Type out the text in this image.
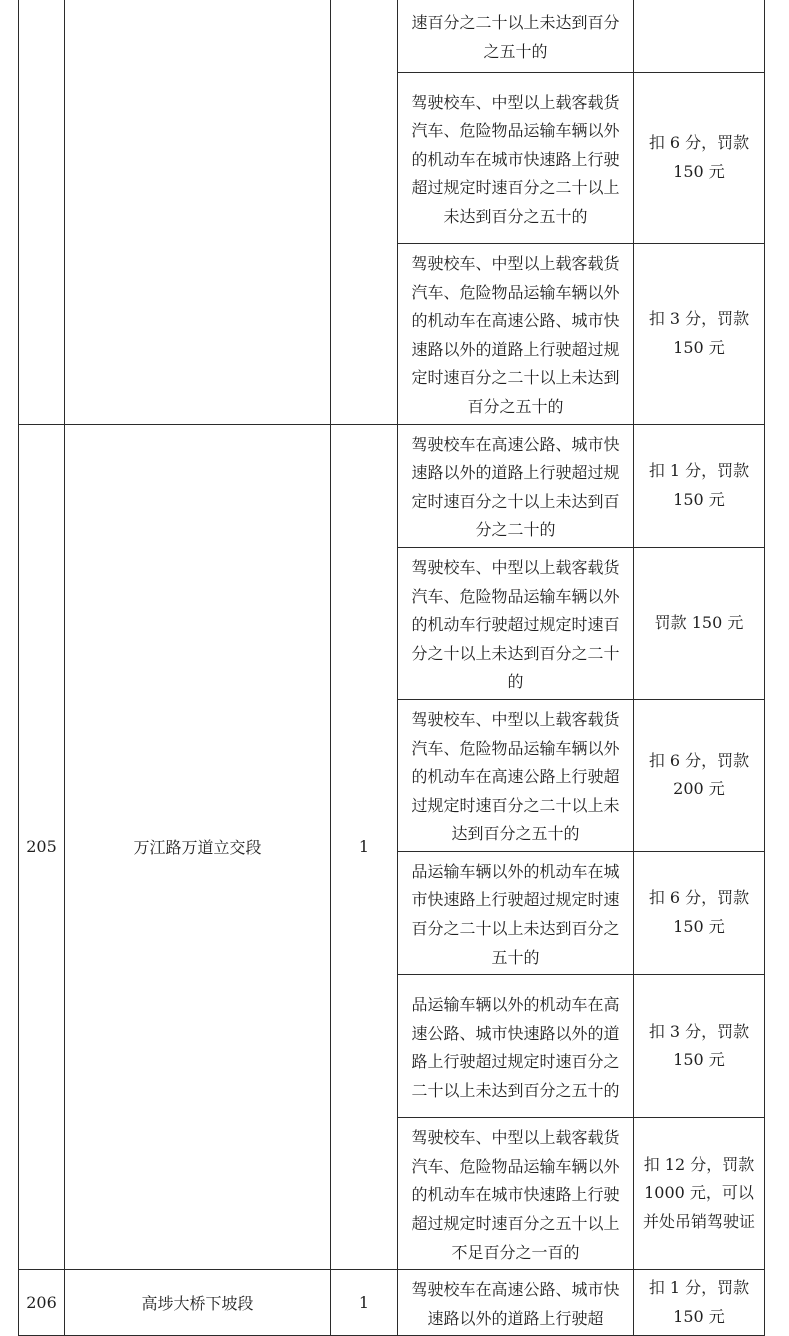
			速百分之二十以上未达到百分之五十的	

			驾驶校车、中型以上载客载货汽车、危险物品运输车辆以外的机动车在城市快速路上行驶超过规定时速百分之二十以上未达到百分之五十的	扣 6 分，罚款 150 元

			驾驶校车、中型以上载客载货汽车、危险物品运输车辆以外的机动车在高速公路、城市快速路以外的道路上行驶超过规定时速百分之二十以上未达到百分之五十的	扣 3 分，罚款 150 元

205	万江路万道立交段	1	驾驶校车在高速公路、城市快速路以外的道路上行驶超过规定时速百分之十以上未达到百分之二十的	扣 1 分，罚款 150 元

			驾驶校车、中型以上载客载货汽车、危险物品运输车辆以外的机动车行驶超过规定时速百分之十以上未达到百分之二十的	罚款 150 元

			驾驶校车、中型以上载客载货汽车、危险物品运输车辆以外的机动车在高速公路上行驶超过规定时速百分之二十以上未达到百分之五十的	扣 6 分，罚款 200 元

			品运输车辆以外的机动车在城市快速路上行驶超过规定时速百分之二十以上未达到百分之五十的	扣 6 分，罚款 150 元

			品运输车辆以外的机动车在高速公路、城市快速路以外的道路上行驶超过规定时速百分之二十以上未达到百分之五十的	扣 3 分，罚款 150 元

			驾驶校车、中型以上载客载货汽车、危险物品运输车辆以外的机动车在城市快速路上行驶超过规定时速百分之五十以上不足百分之一百的	扣 12 分，罚款 1000 元，可以并处吊销驾驶证

206	高埗大桥下坡段	1	驾驶校车在高速公路、城市快速路以外的道路上行驶超	扣 1 分，罚款 150 元
